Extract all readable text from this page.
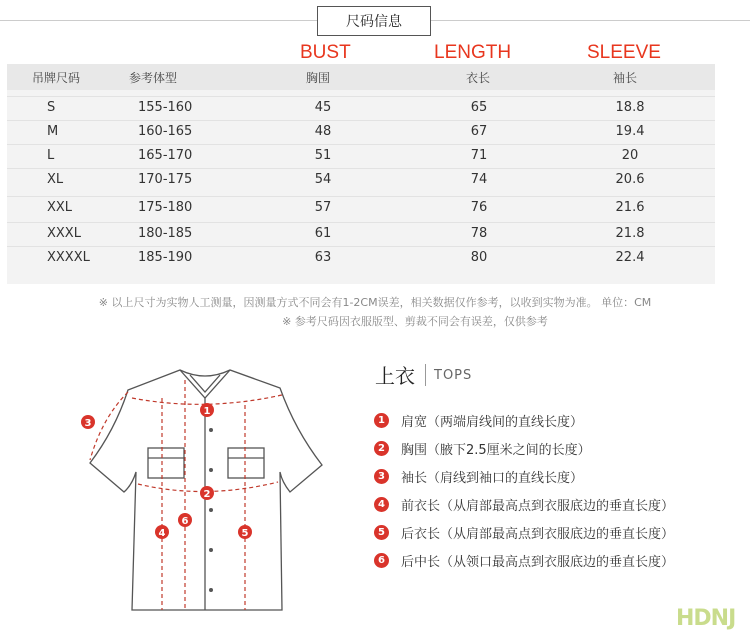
尺码信息
BUST	LENGTH	SLEEVE
吊牌尺码	参考体型	胸围	衣长	袖长
S	155-160	45	65	18.8
M	160-165	48	67	19.4
L	165-170	51	71	20
XL	170-175	54	74	20.6
XXL	175-180	57	76	21.6
XXXL	180-185	61	78	21.8
XXXXL	185-190	63	80	22.4
※ 以上尺寸为实物人工测量，因测量方式不同会有1-2CM误差，相关数据仅作参考，以收到实物为准。 单位：CM
※ 参考尺码因衣服版型、剪裁不同会有误差，仅供参考
1
2
3
4	5
6
上衣 TOPS
1	肩宽（两端肩线间的直线长度）
2	胸围（腋下2.5厘米之间的长度）
3	袖长（肩线到袖口的直线长度）
4	前衣长（从肩部最高点到衣服底边的垂直长度）
5	后衣长（从肩部最高点到衣服底边的垂直长度）
6	后中长（从领口最高点到衣服底边的垂直长度）
HDNJ
